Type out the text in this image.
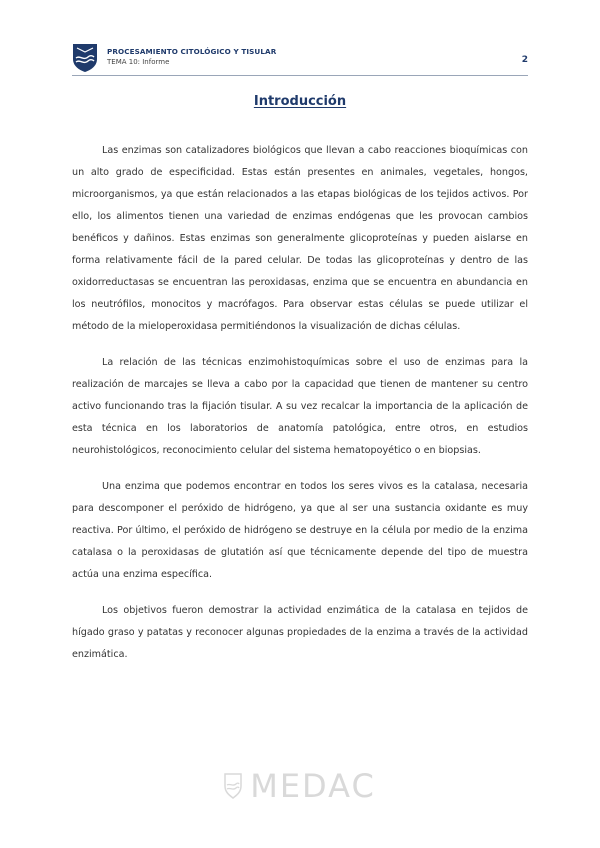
PROCESAMIENTO CITOLÓGICO Y TISULAR
TEMA 10: Informe	2
Introducción

Las enzimas son catalizadores biológicos que llevan a cabo reacciones bioquímicas con un alto grado de especificidad. Estas están presentes en animales, vegetales, hongos, microorganismos, ya que están relacionados a las etapas biológicas de los tejidos activos. Por ello, los alimentos tienen una variedad de enzimas endógenas que les provocan cambios benéficos y dañinos. Estas enzimas son generalmente glicoproteínas y pueden aislarse en forma relativamente fácil de la pared celular. De todas las glicoproteínas y dentro de las oxidorreductasas se encuentran las peroxidasas, enzima que se encuentra en abundancia en los neutrófilos, monocitos y macrófagos. Para observar estas células se puede utilizar el método de la mieloperoxidasa permitiéndonos la visualización de dichas células.

La relación de las técnicas enzimohistoquímicas sobre el uso de enzimas para la realización de marcajes se lleva a cabo por la capacidad que tienen de mantener su centro activo funcionando tras la fijación tisular. A su vez recalcar la importancia de la aplicación de esta técnica en los laboratorios de anatomía patológica, entre otros, en estudios neurohistológicos, reconocimiento celular del sistema hematopoyético o en biopsias.

Una enzima que podemos encontrar en todos los seres vivos es la catalasa, necesaria para descomponer el peróxido de hidrógeno, ya que al ser una sustancia oxidante es muy reactiva. Por último, el peróxido de hidrógeno se destruye en la célula por medio de la enzima catalasa o la peroxidasas de glutatión así que técnicamente depende del tipo de muestra actúa una enzima específica.

Los objetivos fueron demostrar la actividad enzimática de la catalasa en tejidos de hígado graso y patatas y reconocer algunas propiedades de la enzima a través de la actividad enzimática.

MEDAC
